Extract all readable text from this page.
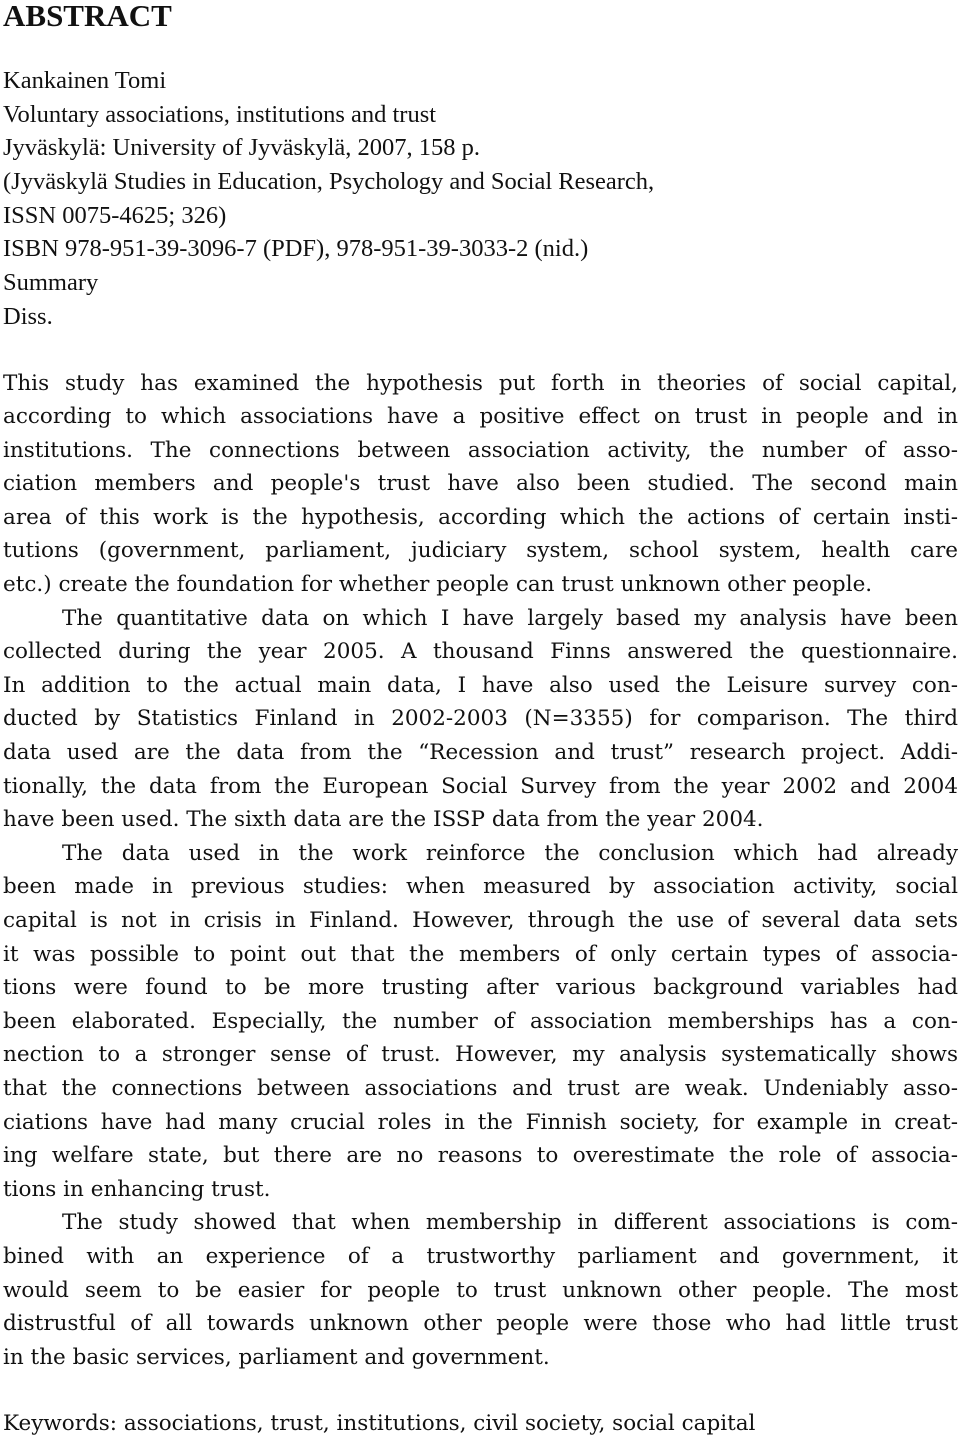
ABSTRACT
Kankainen Tomi
Voluntary associations, institutions and trust
Jyväskylä: University of Jyväskylä, 2007, 158 p.
(Jyväskylä Studies in Education, Psychology and Social Research,
ISSN 0075-4625; 326)
ISBN 978-951-39-3096-7 (PDF), 978-951-39-3033-2 (nid.)
Summary
Diss.
This study has examined the hypothesis put forth in theories of social capital,
according to which associations have a positive effect on trust in people and in
institutions. The connections between association activity, the number of asso-
ciation members and people's trust have also been studied. The second main
area of this work is the hypothesis, according which the actions of certain insti-
tutions (government, parliament, judiciary system, school system, health care
etc.) create the foundation for whether people can trust unknown other people.
The quantitative data on which I have largely based my analysis have been
collected during the year 2005. A thousand Finns answered the questionnaire.
In addition to the actual main data, I have also used the Leisure survey con-
ducted by Statistics Finland in 2002-2003 (N=3355) for comparison. The third
data used are the data from the “Recession and trust” research project. Addi-
tionally, the data from the European Social Survey from the year 2002 and 2004
have been used. The sixth data are the ISSP data from the year 2004.
The data used in the work reinforce the conclusion which had already
been made in previous studies: when measured by association activity, social
capital is not in crisis in Finland. However, through the use of several data sets
it was possible to point out that the members of only certain types of associa-
tions were found to be more trusting after various background variables had
been elaborated. Especially, the number of association memberships has a con-
nection to a stronger sense of trust. However, my analysis systematically shows
that the connections between associations and trust are weak. Undeniably asso-
ciations have had many crucial roles in the Finnish society, for example in creat-
ing welfare state, but there are no reasons to overestimate the role of associa-
tions in enhancing trust.
The study showed that when membership in different associations is com-
bined with an experience of a trustworthy parliament and government, it
would seem to be easier for people to trust unknown other people. The most
distrustful of all towards unknown other people were those who had little trust
in the basic services, parliament and government.
Keywords: associations, trust, institutions, civil society, social capital
